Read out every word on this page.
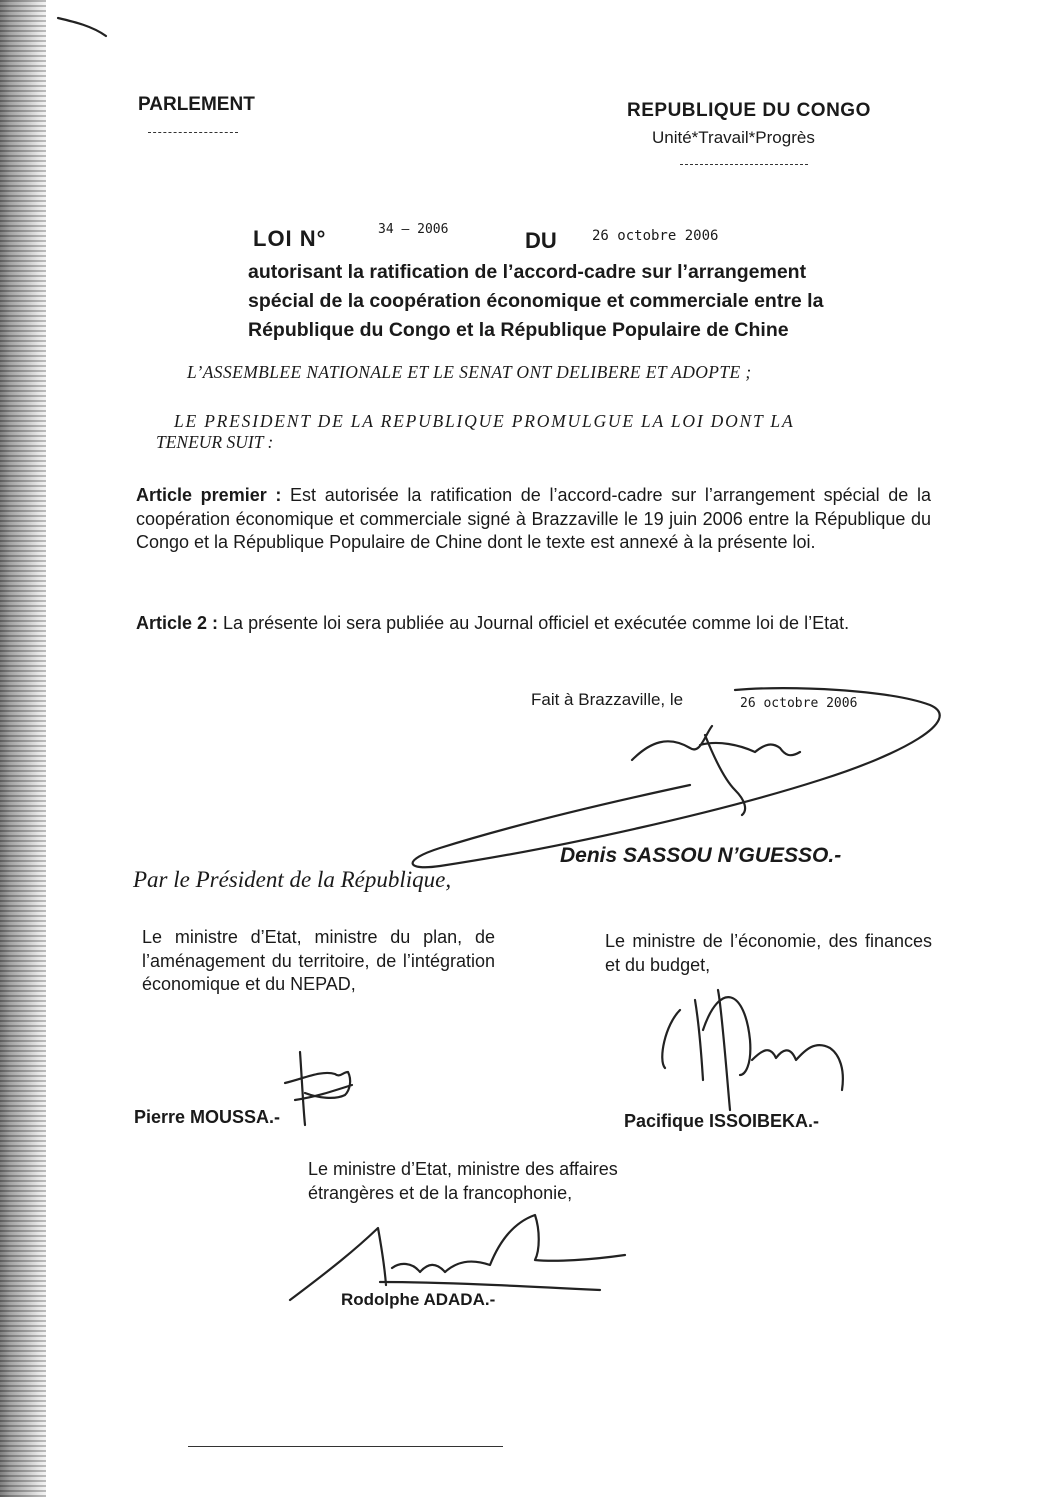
PARLEMENT	REPUBLIQUE DU CONGO
Unité*Travail*Progrès
LOI N°	34 – 2006	DU	26 octobre 2006
autorisant la ratification de l’accord-cadre sur l’arrangement
spécial de la coopération économique et commerciale entre la
République du Congo et la République Populaire de Chine
L’ASSEMBLEE NATIONALE ET LE SENAT ONT DELIBERE ET ADOPTE ;
LE PRESIDENT DE LA REPUBLIQUE PROMULGUE LA LOI DONT LA
TENEUR SUIT :
Article premier : Est autorisée la ratification de l’accord-cadre sur l’arrangement spécial de la coopération économique et commerciale signé à Brazzaville le 19 juin 2006 entre la République du Congo et la République Populaire de Chine dont le texte est annexé à la présente loi.
Article 2 : La présente loi sera publiée au Journal officiel et exécutée comme loi de l’Etat.
Fait à Brazzaville, le	26 octobre 2006
Denis SASSOU N’GUESSO.-
Par le Président de la République,
Le ministre d’Etat, ministre du plan, de l’aménagement du territoire, de l’intégration économique et du NEPAD,
Le ministre de l’économie, des finances et du budget,
Pierre MOUSSA.-	Pacifique ISSOIBEKA.-
Le ministre d’Etat, ministre des affaires
étrangères et de la francophonie,
Rodolphe ADADA.-
